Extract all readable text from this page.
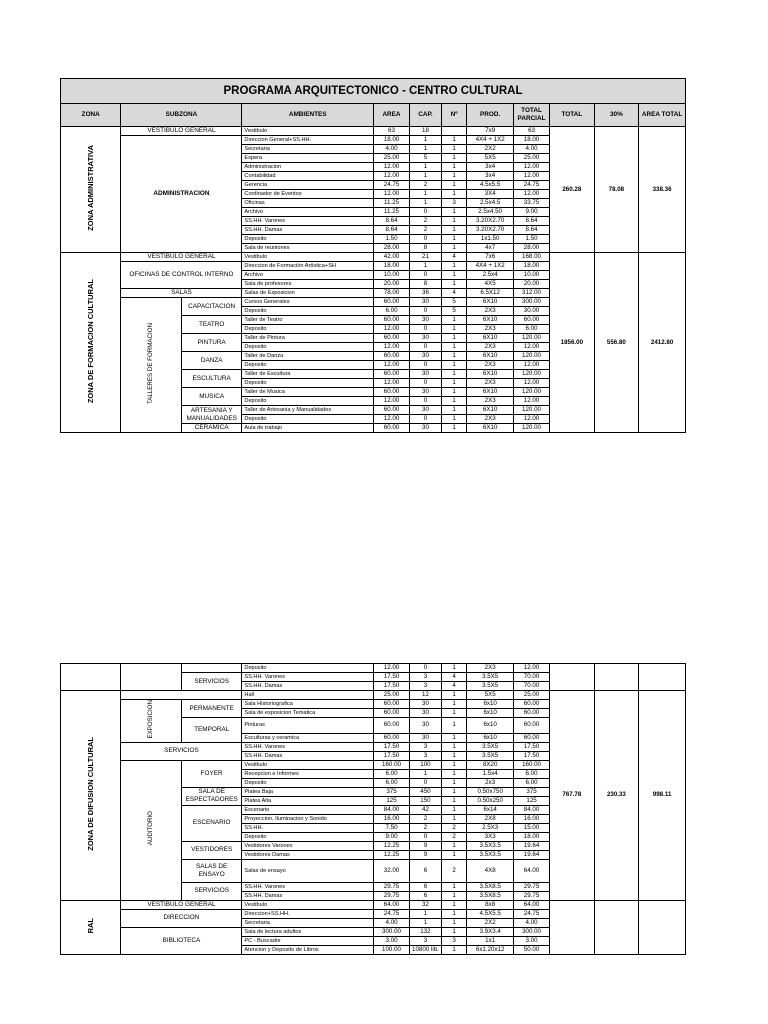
PROGRAMA ARQUITECTONICO - CENTRO CULTURAL											
ZONA	SUBZONA		AMBIENTES	AREA	CAP.	Nº	PROD.	TOTAL PARCIAL	TOTAL	30%	AREA TOTAL
ZONA ADMINISTRATIVA	VESTIBULO GENERAL		Vestibulo	63	18		7x9	63	260.28	78.08	338.36
	ADMINISTRACION		Direccion General+SS.HH.	18.00	1	1	4X4 + 1X2	18.00			
			Secretaria	4.00	1	1	2X2	4.00			
			Espera	25.00	5	1	5X5	25.00			
			Administracion	12.00	1	1	3x4	12.00			
			Contabilidad	12.00	1	1	3x4	12.00			
			Gerencia	24.75	2	1	4.5x5.5	24.75			
			Cordinador de Eventos	12.00	1	1	3X4	12.00			
			Oficinas	11.25	1	3	2.5x4.5	33.75			
			Archivo	11.25	0	1	2.5x4.50	9.00			
			SS.HH. Varones	8.64	2	1	3.20X2.70	8.64			
			SS.HH. Damas	8.64	2	1	3.20X2.70	8.64			
			Deposito	1.50	0	1	1x1.50	1.50			
			Sala de reuniones	28.00	8	1	4x7	28.00			
ZONA DE FORMACION CULTURAL	VESTIBULO GENERAL		Vestibulo	42.00	21	4	7x6	168.00	1856.00	556.80	2412.80
	OFICINAS DE CONTROL INTERNO		Direccion de Formación Artística+SH	18.00	1	1	4X4 + 1X2	18.00			
			Archivo	10.00	0	1	2.5x4	10.00			
			Sala de profesores	20.00	8	1	4X5	20.00			
	SALAS		Salas de Exposicion	78.00	36	4	6.5X12	312.00			
	TALLERES DE FORMACION	CAPACITACION	Cursos Generales	60.00	30	5	6X10	300.00			
			Deposito	6.00	0	5	2X3	30.00			
		TEATRO	Taller de Teatro	60.00	30	1	6X10	60.00			
			Deposito	12.00	0	1	2X3	6.00			
		PINTURA	Taller de Pintura	60.00	30	1	6X10	120.00			
			Deposito	12.00	0	1	2X3	12.00			
		DANZA	Taller de Danza	60.00	30	1	6X10	120.00			
			Deposito	12.00	0	1	2X3	12.00			
		ESCULTURA	Taller de Escultura	60.00	30	1	6X10	120.00			
			Deposito	12.00	0	1	2X3	12.00			
		MUSICA	Taller de Musica	60.00	30	1	6X10	120.00			
			Deposito	12.00	0	1	2X3	12.00			
		ARTESANIA Y MANUALIDADES	Taller de Artesania y Manualidades	60.00	30	1	6X10	120.00			
			Deposito	12.00	0	1	2X3	12.00			
		CERAMICA	Aula de trabajo	60.00	30	1	6X10	120.00			
			Deposito	12.00	0	1	2X3	12.00			
		SERVICIOS	SS.HH. Varones	17.50	3	4	3.5X5	70.00			
			SS.HH. Damas	17.50	3	4	3.5X5	70.00			
ZONA DE DIFUSION CULTURAL			Hall	25.00	12	1	5X5	25.00	767.78	230.33	998.11
	EXPOSICION	PERMANENTE	Sala Historiografica	60.00	30	1	6x10	60.00			
			Sala de exposicion Tematica	60.00	30	1	6x10	60.00			
		TEMPORAL	Pinturas	60.00	30	1	6x10	60.00			
			Esculturas y ceramica	60.00	30	1	6x10	60.00			
	SERVICIOS		SS.HH. Varones	17.50	3	1	3.5X5	17.50			
			SS.HH. Damas	17.50	3	1	3.5X5	17.50			
	AUDITORIO	FOYER	Vestibulo	160.00	100	1	8X20	160.00			
			Recepcion e Informes	6.00	1	1	1.5x4	6.00			
			Deposito	6.00	0	1	2x3	6.00			
		SALA DE ESPECTADORES	Platea Baja	375	450	1	0.50x750	375			
			Platea Alta	125	150	1	0.50x250	125			
		ESCENARIO	Escenario	84.00	42	1	6x14	84.00			
			Proyeccion, Iluminacion y Sonido	16.00	2	1	2X8	16.00			
			SS.HH.	7.50	2	2	2.5X3	15.00			
			Deposito	9.00	0	2	3X3	18.00			
		VESTIDORES	Vestidores Varones	12.25	9	1	3.5X3.5	19.64			
			Vestidores Damas	12.25	9	1	3.5X3.5	19.64			
		SALAS DE ENSAYO	Salas de ensayo	32.00	6	2	4X8	64.00			
		SERVICIOS	SS.HH. Varones	29.75	6	1	3.5X8.5	29.75			
			SS.HH. Damas	29.75	6	1	3.5X8.5	29.75			
RAL	VESTIBULO GENERAL		Vestibulo	64.00	32	1	8x8	64.00			
	DIRECCION		Direccion+SS.HH.	24.75	1	1	4.5X5.5	24.75			
			Secretaria	4.00	1	1	2X2	4.00			
	BIBLIOTECA		Sala de lectura adultos	300.00	132	1	3.9X3.4	300.00			
			PC - Buscador	3.00	3	3	1x1	3.00			
			Atencion y Deposito de Libros	100.00	10800 lib.	1	6x1.20x12	50.00			
